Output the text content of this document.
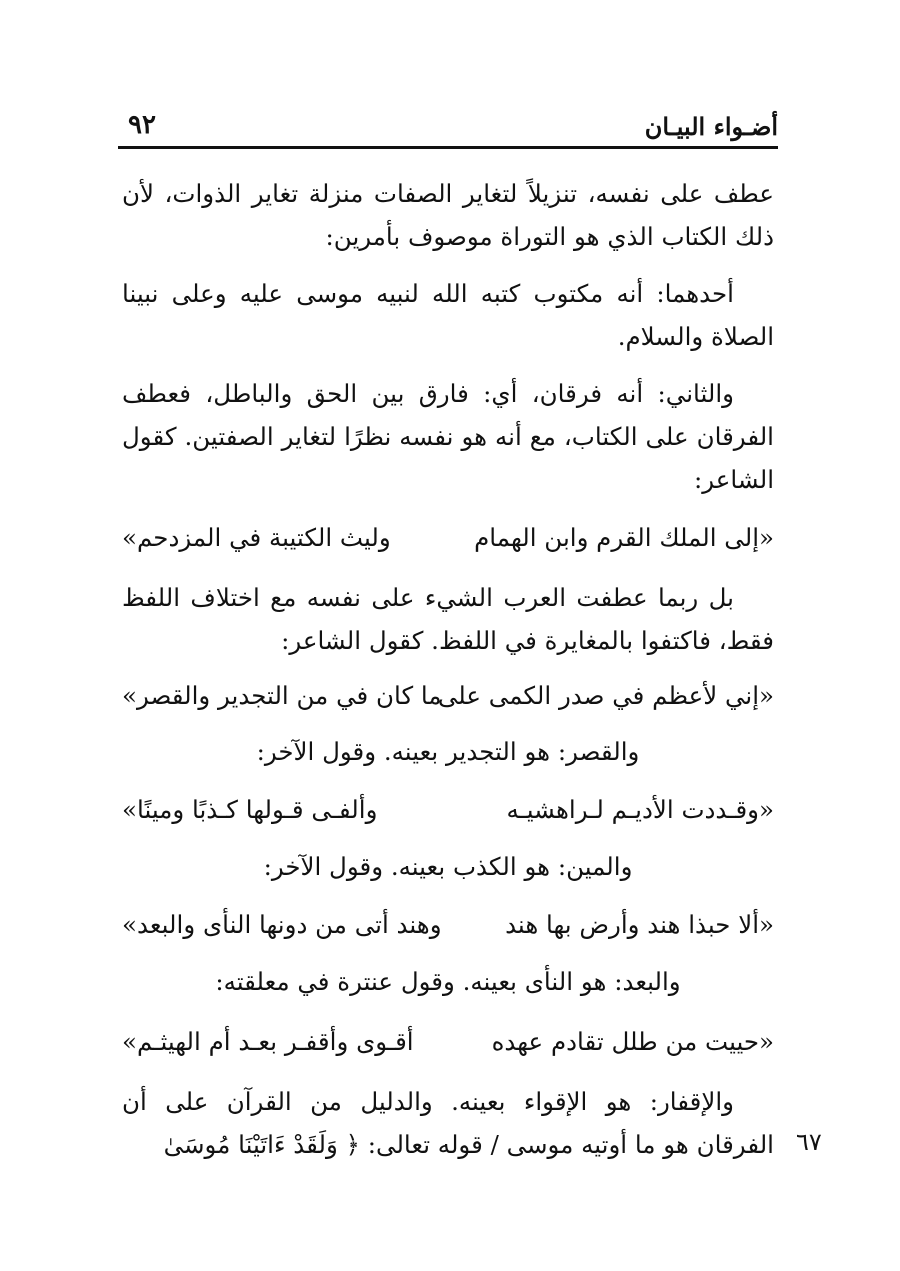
أضـواء البيـان
٩٢
عطف على نفسه، تنزيلاً لتغاير الصفات منزلة تغاير الذوات، لأن ذلك الكتاب الذي هو التوراة موصوف بأمرين:
أحدهما: أنه مكتوب كتبه الله لنبيه موسى عليه وعلى نبينا الصلاة والسلام.
والثاني: أنه فرقان، أي: فارق بين الحق والباطل، فعطف الفرقان على الكتاب، مع أنه هو نفسه نظرًا لتغاير الصفتين. كقول الشاعر:
«إلى الملك القرم وابن الهمام
وليث الكتيبة في المزدحم»
بل ربما عطفت العرب الشيء على نفسه مع اختلاف اللفظ فقط، فاكتفوا بالمغايرة في اللفظ. كقول الشاعر:
«إني لأعظم في صدر الكمى على
ما كان في من التجدير والقصر»
والقصر: هو التجدير بعينه. وقول الآخر:
«وقـددت الأديـم لـراهشيـه
وألفـى قـولها كـذبًا ومينًا»
والمين: هو الكذب بعينه. وقول الآخر:
«ألا حبذا هند وأرض بها هند
وهند أتى من دونها النأى والبعد»
والبعد: هو النأى بعينه. وقول عنترة في معلقته:
«حييت من طلل تقادم عهده
أقـوى وأقفـر بعـد أم الهيثـم»
والإقفار: هو الإقواء بعينه. والدليل من القرآن على أن الفرقان هو ما أوتيه موسى / قوله تعالى: ﴿ وَلَقَدْ ءَاتَيْنَا مُوسَىٰ ٦٧
